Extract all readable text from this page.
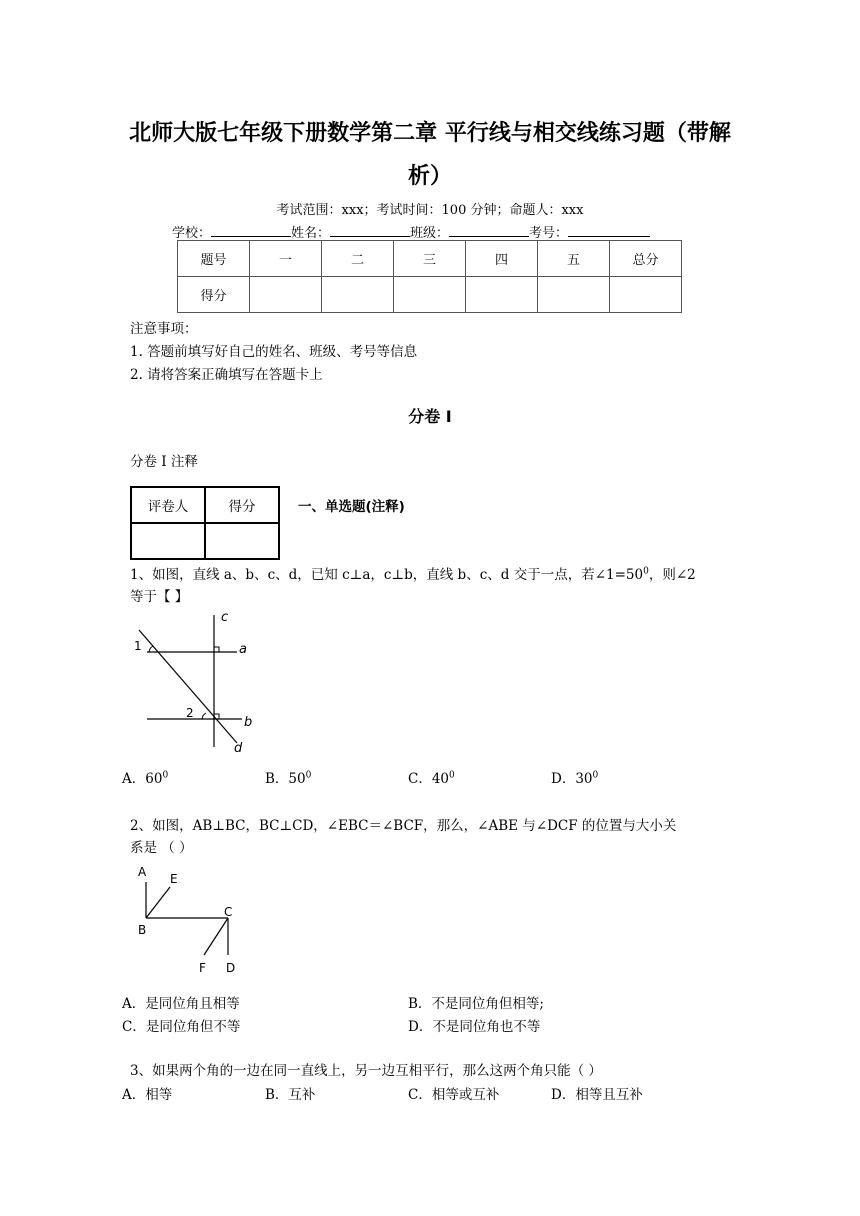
北师大版七年级下册数学第二章 平行线与相交线练习题（带解
析）
考试范围：xxx；考试时间：100 分钟；命题人：xxx
学校：	姓名：	班级：	考号：
题号	一	二	三	四	五	总分
得分						
注意事项：
1. 答题前填写好自己的姓名、班级、考号等信息
2. 请将答案正确填写在答题卡上
分卷 I
分卷 I 注释
评卷人	得分
		一、单选题(注释)
1、如图，直线 a、b、c、d，已知 c⊥a，c⊥b，直线 b、c、d 交于一点，若$\angle 1=50^0$，则∠2
等于【 】
c
1	a
2
b
d
A．$60^0$	B．$50^0$	C．$40^0$	D．$30^0$
2、如图，AB⊥BC，BC⊥CD，∠EBC＝∠BCF，那么，∠ABE 与∠DCF 的位置与大小关
系是 （ ）
A E
B
C
F D
A．是同位角且相等	B．不是同位角但相等;
C．是同位角但不等	D．不是同位角也不等
3、如果两个角的一边在同一直线上，另一边互相平行，那么这两个角只能（ ）
A．相等	B．互补	C．相等或互补	D．相等且互补
